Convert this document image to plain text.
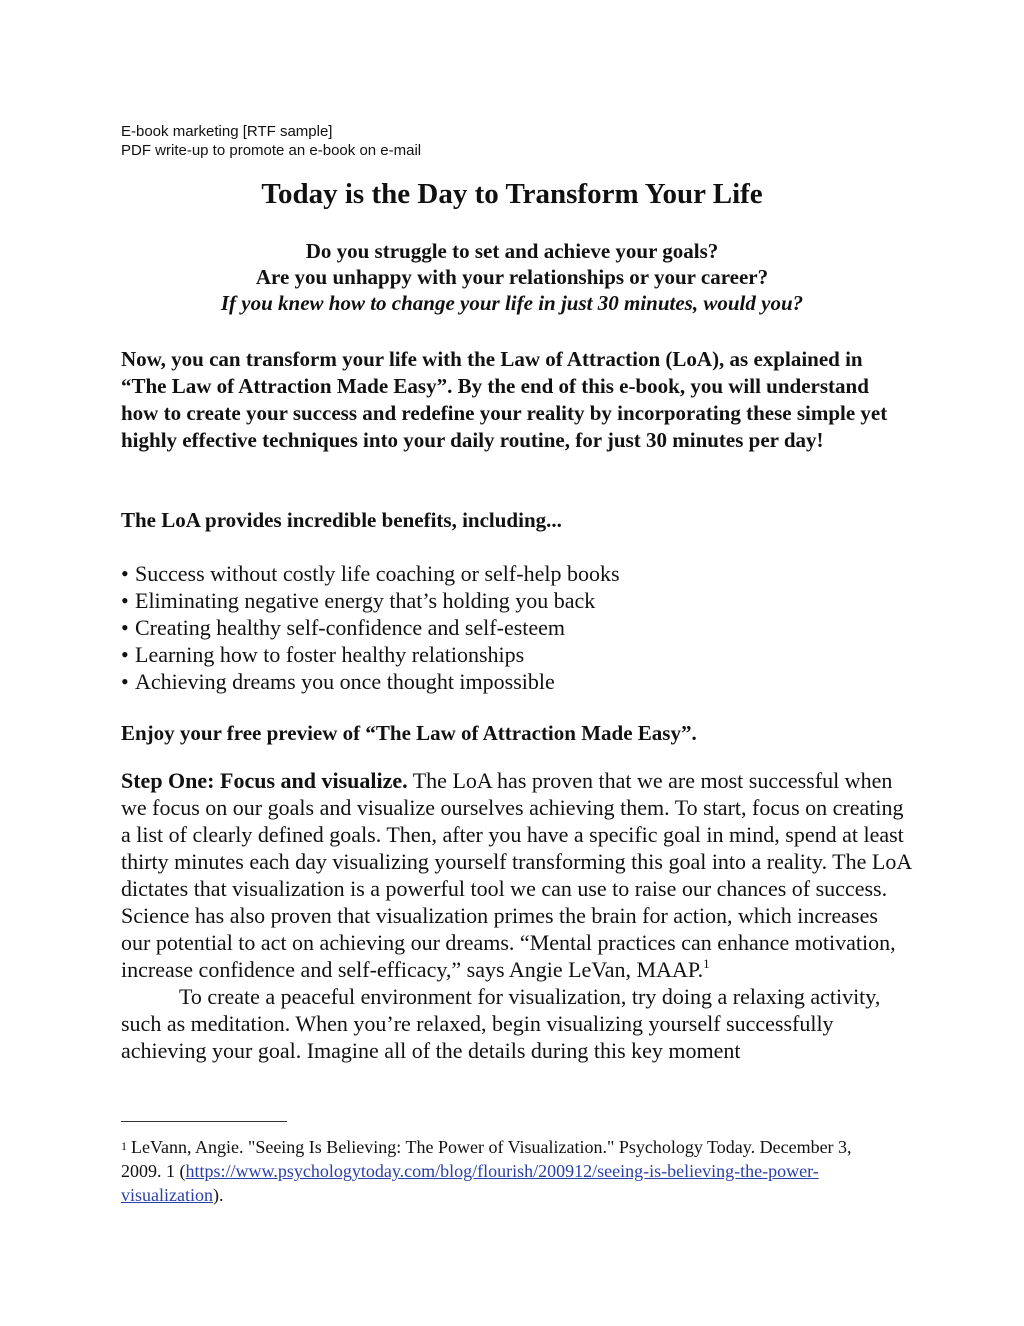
E-book marketing [RTF sample]
PDF write-up to promote an e-book on e-mail
Today is the Day to Transform Your Life
Do you struggle to set and achieve your goals?
Are you unhappy with your relationships or your career?
If you knew how to change your life in just 30 minutes, would you?
Now, you can transform your life with the Law of Attraction (LoA), as explained in “The Law of Attraction Made Easy”. By the end of this e-book, you will understand how to create your success and redefine your reality by incorporating these simple yet highly effective techniques into your daily routine, for just 30 minutes per day!
The LoA provides incredible benefits, including...
• Success without costly life coaching or self-help books
• Eliminating negative energy that’s holding you back
• Creating healthy self-confidence and self-esteem
• Learning how to foster healthy relationships
• Achieving dreams you once thought impossible
Enjoy your free preview of “The Law of Attraction Made Easy”.

Step One: Focus and visualize. The LoA has proven that we are most successful when we focus on our goals and visualize ourselves achieving them. To start, focus on creating a list of clearly defined goals. Then, after you have a specific goal in mind, spend at least thirty minutes each day visualizing yourself transforming this goal into a reality. The LoA dictates that visualization is a powerful tool we can use to raise our chances of success. Science has also proven that visualization primes the brain for action, which increases our potential to act on achieving our dreams. “Mental practices can enhance motivation, increase confidence and self-efficacy,” says Angie LeVan, MAAP.$^1$

To create a peaceful environment for visualization, try doing a relaxing activity, such as meditation. When you’re relaxed, begin visualizing yourself successfully achieving your goal. Imagine all of the details during this key moment

1 LeVann, Angie. "Seeing Is Believing: The Power of Visualization." Psychology Today. December 3, 2009. 1 (https://www.psychologytoday.com/blog/flourish/200912/seeing-is-believing-the-power-visualization).
